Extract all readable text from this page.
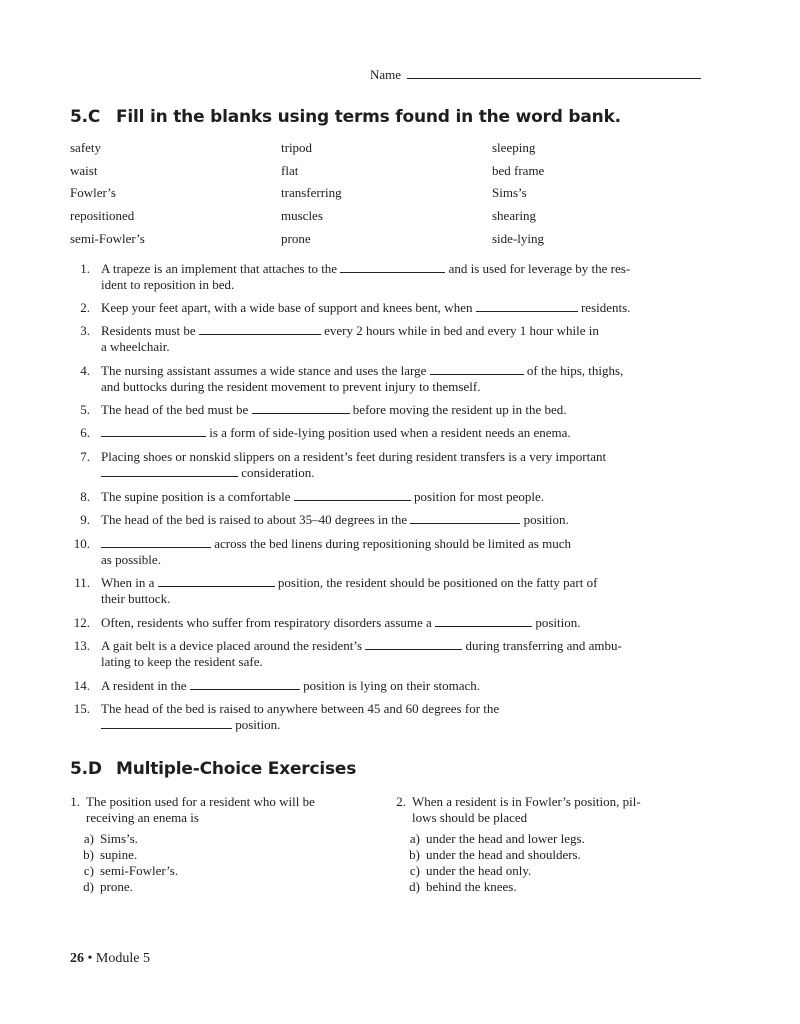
Name
5.C Fill in the blanks using terms found in the word bank.
safety	tripod	sleeping
waist	flat	bed frame
Fowler’s	transferring	Sims’s
repositioned	muscles	shearing
semi-Fowler’s	prone	side-lying
1. A trapeze is an implement that attaches to the	and is used for leverage by the res-
ident to reposition in bed.
2. Keep your feet apart, with a wide base of support and knees bent, when	residents.
3. Residents must be	every 2 hours while in bed and every 1 hour while in
a wheelchair.
4. The nursing assistant assumes a wide stance and uses the large	of the hips, thighs,
and buttocks during the resident movement to prevent injury to themself.
5. The head of the bed must be	before moving the resident up in the bed.
6.	is a form of side-lying position used when a resident needs an enema.
7. Placing shoes or nonskid slippers on a resident’s feet during resident transfers is a very important
consideration.
8. The supine position is a comfortable	position for most people.
9. The head of the bed is raised to about 35–40 degrees in the	position.
10.	across the bed linens during repositioning should be limited as much
as possible.
11. When in a	position, the resident should be positioned on the fatty part of
their buttock.
12. Often, residents who suffer from respiratory disorders assume a	position.
13. A gait belt is a device placed around the resident’s	during transferring and ambu-
lating to keep the resident safe.
14. A resident in the	position is lying on their stomach.
15. The head of the bed is raised to anywhere between 45 and 60 degrees for the
position.
5.D Multiple-Choice Exercises
1. The position used for a resident who will be
receiving an enema is
a) Sims’s.
b) supine.
c) semi-Fowler’s.
d) prone.
2. When a resident is in Fowler’s position, pil-
lows should be placed
a) under the head and lower legs.
b) under the head and shoulders.
c) under the head only.
d) behind the knees.
26 • Module 5
